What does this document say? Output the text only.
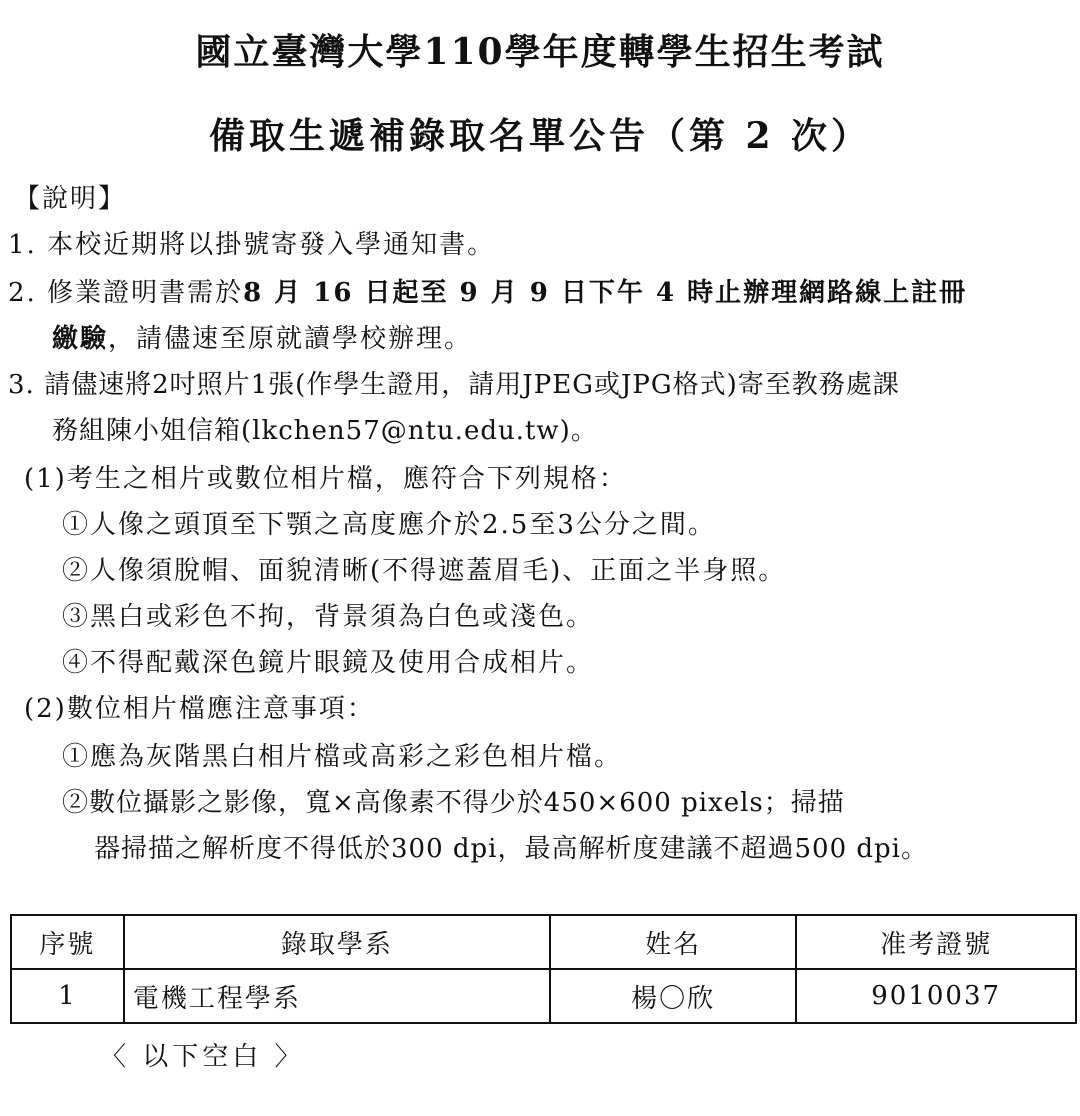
國立臺灣大學110學年度轉學生招生考試
備取生遞補錄取名單公告（第 2 次）
【說明】
1. 本校近期將以掛號寄發入學通知書。
2. 修業證明書需於8 月 16 日起至 9 月 9 日下午 4 時止辦理網路線上註冊
繳驗，請儘速至原就讀學校辦理。
3. 請儘速將2吋照片1張(作學生證用，請用JPEG或JPG格式)寄至教務處課
務組陳小姐信箱(lkchen57@ntu.edu.tw)。
(1)考生之相片或數位相片檔，應符合下列規格：
①人像之頭頂至下顎之高度應介於2.5至3公分之間。
②人像須脫帽、面貌清晰(不得遮蓋眉毛)、正面之半身照。
③黑白或彩色不拘，背景須為白色或淺色。
④不得配戴深色鏡片眼鏡及使用合成相片。
(2)數位相片檔應注意事項：
①應為灰階黑白相片檔或高彩之彩色相片檔。
②數位攝影之影像，寬×高像素不得少於450×600 pixels；掃描
器掃描之解析度不得低於300 dpi，最高解析度建議不超過500 dpi。
序號	錄取學系	姓名	准考證號
1	電機工程學系	楊〇欣	9010037
〈 以下空白 〉
